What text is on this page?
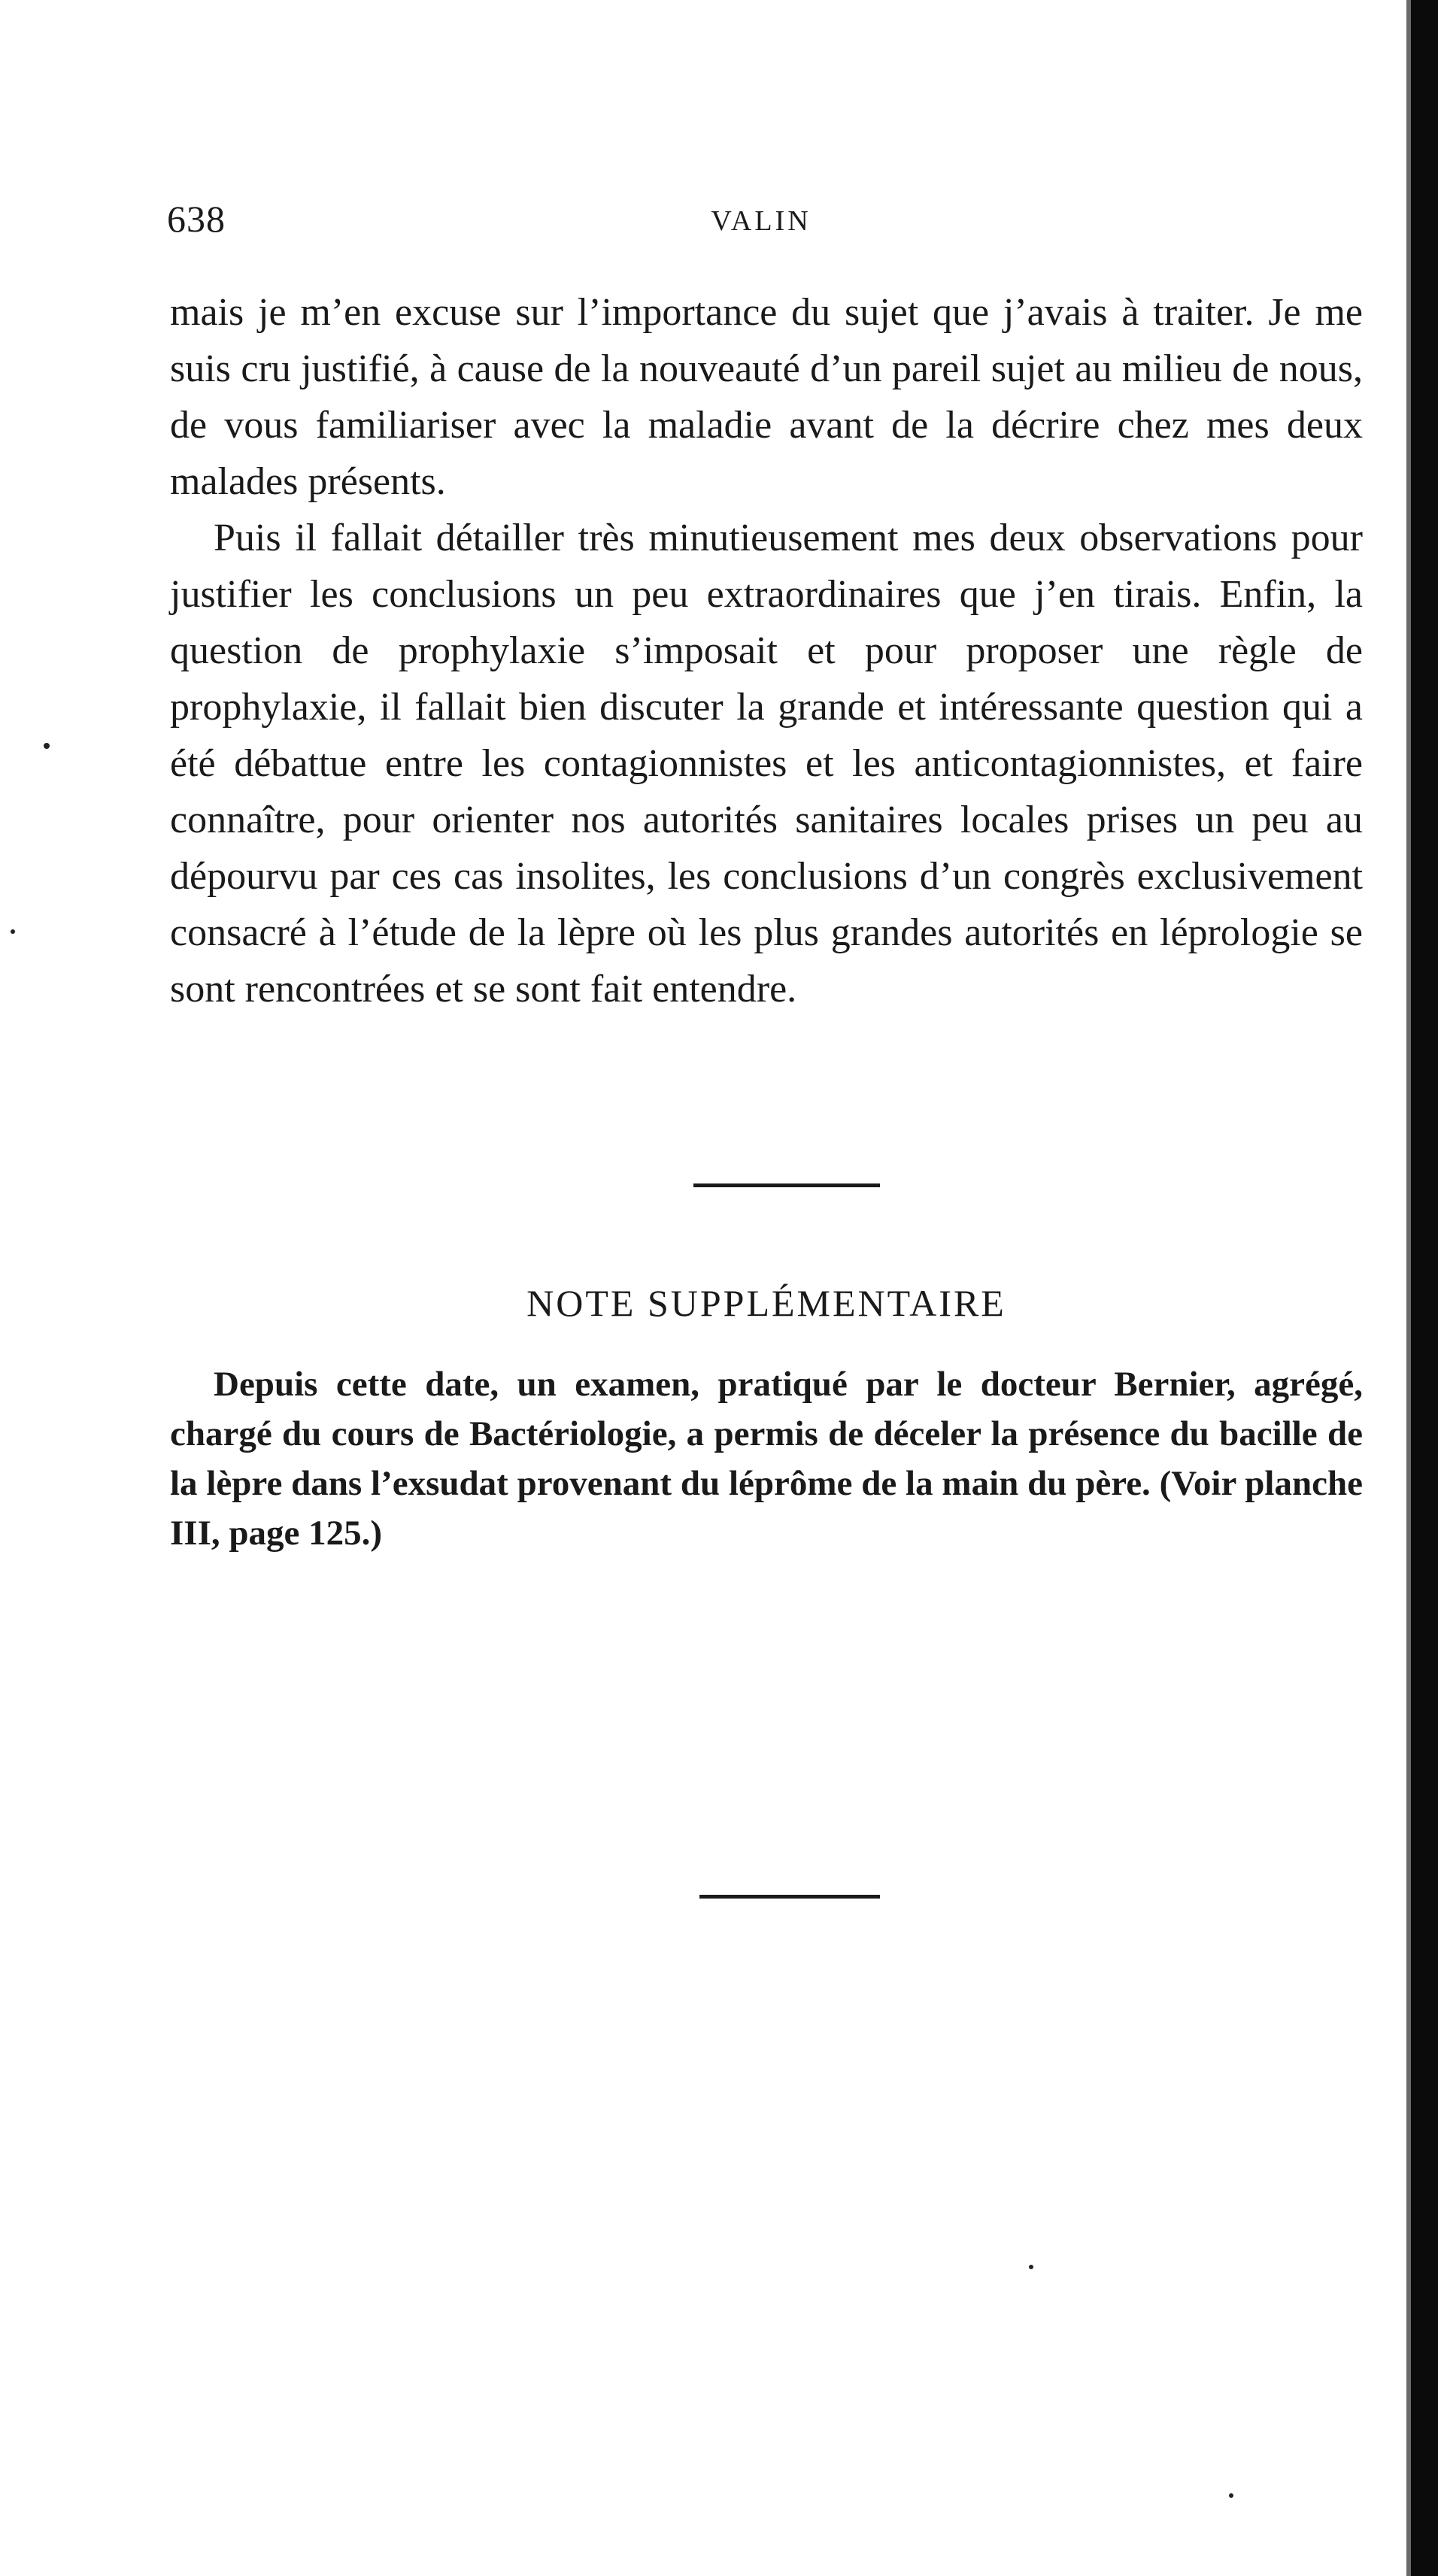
638	VALIN

mais je m’en excuse sur l’importance du sujet que j’avais à traiter. Je me suis cru justifié, à cause de la nouveauté d’un pareil sujet au milieu de nous, de vous familiariser avec la maladie avant de la décrire chez mes deux malades présents.

Puis il fallait détailler très minutieusement mes deux observations pour justifier les conclusions un peu extraordinaires que j’en tirais. Enfin, la question de prophylaxie s’imposait et pour proposer une règle de prophylaxie, il fallait bien discuter la grande et intéressante question qui a été débattue entre les contagionnistes et les anticontagionnistes, et faire connaître, pour orienter nos autorités sanitaires locales prises un peu au dépourvu par ces cas insolites, les conclusions d’un congrès exclusivement consacré à l’étude de la lèpre où les plus grandes autorités en léprologie se sont rencontrées et se sont fait entendre.

NOTE SUPPLÉMENTAIRE
Depuis cette date, un examen, pratiqué par le docteur Bernier, agrégé, chargé du cours de Bactériologie, a permis de déceler la présence du bacille de la lèpre dans l’exsudat provenant du léprôme de la main du père. (Voir planche III, page 125.)
